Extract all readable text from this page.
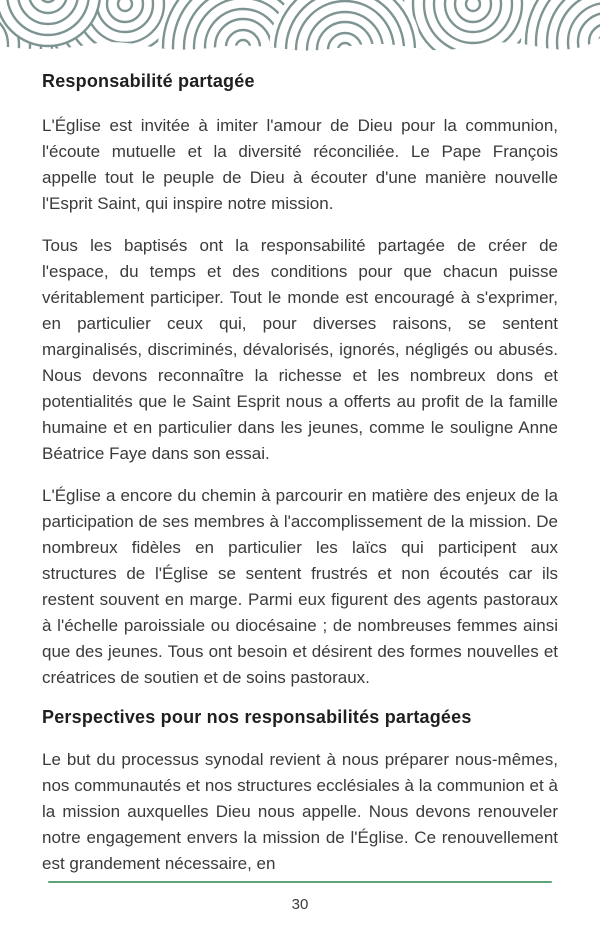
Responsabilité partagée

L'Église est invitée à imiter l'amour de Dieu pour la communion, l'écoute mutuelle et la diversité réconciliée. Le Pape François appelle tout le peuple de Dieu à écouter d'une manière nouvelle l'Esprit Saint, qui inspire notre mission.

Tous les baptisés ont la responsabilité partagée de créer de l'espace, du temps et des conditions pour que chacun puisse véritablement participer. Tout le monde est encouragé à s'exprimer, en particulier ceux qui, pour diverses raisons, se sentent marginalisés, discriminés, dévalorisés, ignorés, négligés ou abusés. Nous devons reconnaître la richesse et les nombreux dons et potentialités que le Saint Esprit nous a offerts au profit de la famille humaine et en particulier dans les jeunes, comme le souligne Anne Béatrice Faye dans son essai.

L'Église a encore du chemin à parcourir en matière des enjeux de la participation de ses membres à l'accomplissement de la mission. De nombreux fidèles en particulier les laïcs qui participent aux structures de l'Église se sentent frustrés et non écoutés car ils restent souvent en marge. Parmi eux figurent des agents pastoraux à l'échelle paroissiale ou diocésaine ; de nombreuses femmes ainsi que des jeunes. Tous ont besoin et désirent des formes nouvelles et créatrices de soutien et de soins pastoraux.

Perspectives pour nos responsabilités partagées

Le but du processus synodal revient à nous préparer nous-mêmes, nos communautés et nos structures ecclésiales à la communion et à la mission auxquelles Dieu nous appelle. Nous devons renouveler notre engagement envers la mission de l'Église. Ce renouvellement est grandement nécessaire, en

30
